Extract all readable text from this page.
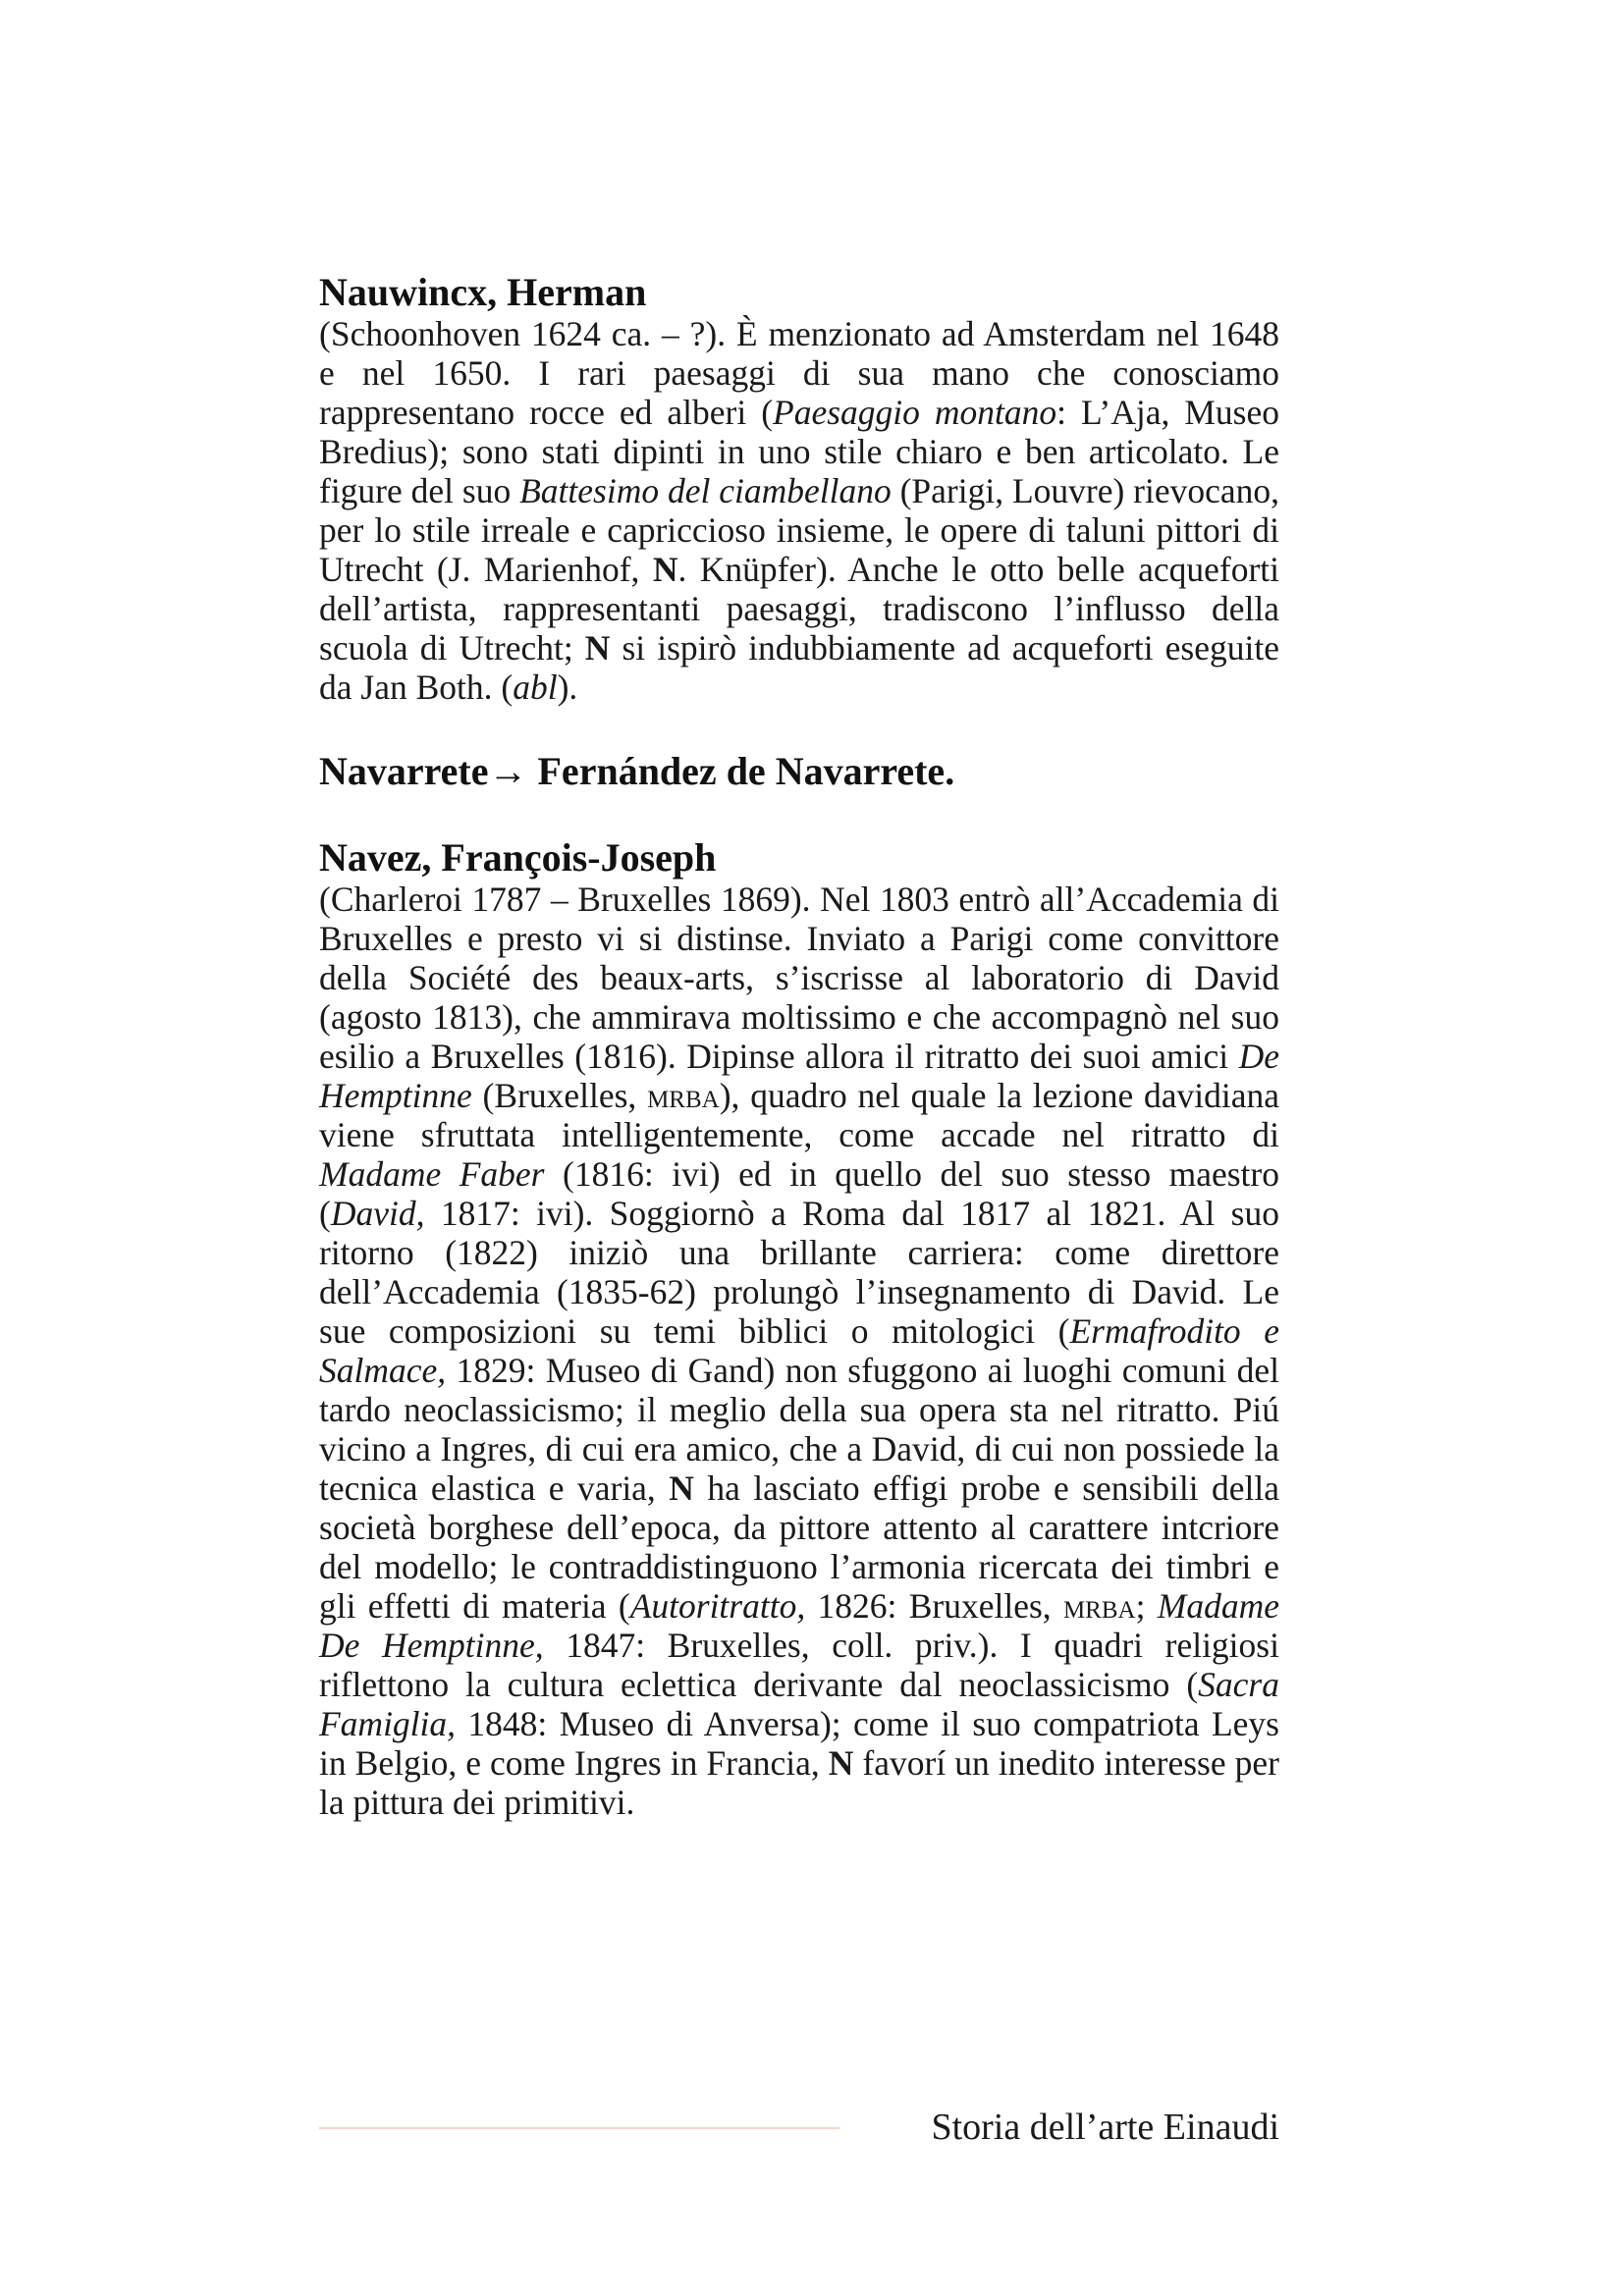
Nauwincx, Herman

(Schoonhoven 1624 ca. – ?). È menzionato ad Amsterdam nel 1648 e nel 1650. I rari paesaggi di sua mano che conosciamo rappresentano rocce ed alberi (Paesaggio montano: L’Aja, Museo Bredius); sono stati dipinti in uno stile chiaro e ben articolato. Le figure del suo Battesimo del ciambellano (Parigi, Louvre) rievocano, per lo stile irreale e capriccioso insieme, le opere di taluni pittori di Utrecht (J. Marienhof, N. Knüpfer). Anche le otto belle acqueforti dell’artista, rappresentanti paesaggi, tradiscono l’influsso della scuola di Utrecht; N si ispirò indubbiamente ad acqueforti eseguite da Jan Both. (abl).

Navarrete→ Fernández de Navarrete.
Navez, François-Joseph

(Charleroi 1787 – Bruxelles 1869). Nel 1803 entrò all’Accademia di Bruxelles e presto vi si distinse. Inviato a Parigi come convittore della Société des beaux-arts, s’iscrisse al laboratorio di David (agosto 1813), che ammirava moltissimo e che accompagnò nel suo esilio a Bruxelles (1816). Dipinse allora il ritratto dei suoi amici De Hemptinne (Bruxelles, mrba), quadro nel quale la lezione davidiana viene sfruttata intelligentemente, come accade nel ritratto di Madame Faber (1816: ivi) ed in quello del suo stesso maestro (David, 1817: ivi). Soggiornò a Roma dal 1817 al 1821. Al suo ritorno (1822) iniziò una brillante carriera: come direttore dell’Accademia (1835-62) prolungò l’insegnamento di David. Le sue composizioni su temi biblici o mitologici (Ermafrodito e Salmace, 1829: Museo di Gand) non sfuggono ai luoghi comuni del tardo neoclassicismo; il meglio della sua opera sta nel ritratto. Piú vicino a Ingres, di cui era amico, che a David, di cui non possiede la tecnica elastica e varia, N ha lasciato effigi probe e sensibili della società borghese dell’epoca, da pittore attento al carattere intcriore del modello; le contraddistinguono l’armonia ricercata dei timbri e gli effetti di materia (Autoritratto, 1826: Bruxelles, mrba; Madame De Hemptinne, 1847: Bruxelles, coll. priv.). I quadri religiosi riflettono la cultura eclettica derivante dal neoclassicismo (Sacra Famiglia, 1848: Museo di Anversa); come il suo compatriota Leys in Belgio, e come Ingres in Francia, N favorí un inedito interesse per la pittura dei primitivi.

Storia dell’arte Einaudi
